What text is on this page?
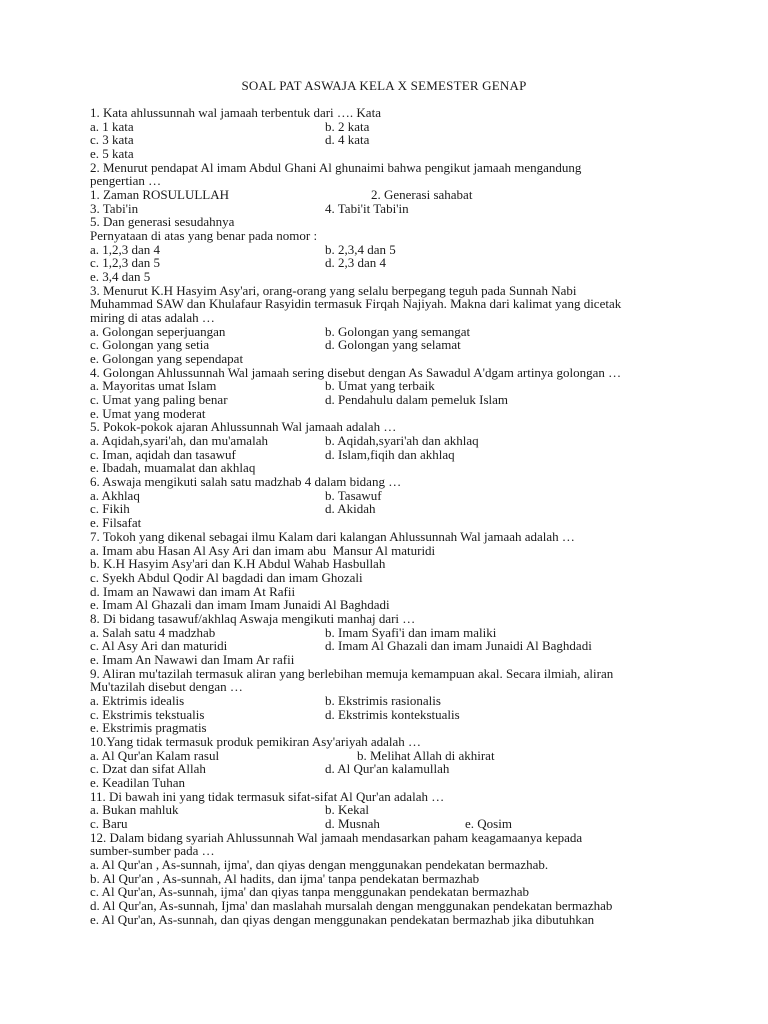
SOAL PAT ASWAJA KELA X SEMESTER GENAP
1. Kata ahlussunnah wal jamaah terbentuk dari …. Kata
a. 1 kata	b. 2 kata
c. 3 kata	d. 4 kata
e. 5 kata
2. Menurut pendapat Al imam Abdul Ghani Al ghunaimi bahwa pengikut jamaah mengandung
pengertian …
1. Zaman ROSULULLAH	2. Generasi sahabat
3. Tabi'in	4. Tabi'it Tabi'in
5. Dan generasi sesudahnya
Pernyataan di atas yang benar pada nomor :
a. 1,2,3 dan 4	b. 2,3,4 dan 5
c. 1,2,3 dan 5	d. 2,3 dan 4
e. 3,4 dan 5
3. Menurut K.H Hasyim Asy'ari, orang-orang yang selalu berpegang teguh pada Sunnah Nabi
Muhammad SAW dan Khulafaur Rasyidin termasuk Firqah Najiyah. Makna dari kalimat yang dicetak
miring di atas adalah …
a. Golongan seperjuangan	b. Golongan yang semangat
c. Golongan yang setia	d. Golongan yang selamat
e. Golongan yang sependapat
4. Golongan Ahlussunnah Wal jamaah sering disebut dengan As Sawadul A'dgam artinya golongan …
a. Mayoritas umat Islam	b. Umat yang terbaik
c. Umat yang paling benar	d. Pendahulu dalam pemeluk Islam
e. Umat yang moderat
5. Pokok-pokok ajaran Ahlussunnah Wal jamaah adalah …
a. Aqidah,syari'ah, dan mu'amalah	b. Aqidah,syari'ah dan akhlaq
c. Iman, aqidah dan tasawuf	d. Islam,fiqih dan akhlaq
e. Ibadah, muamalat dan akhlaq
6. Aswaja mengikuti salah satu madzhab 4 dalam bidang …
a. Akhlaq	b. Tasawuf
c. Fikih	d. Akidah
e. Filsafat
7. Tokoh yang dikenal sebagai ilmu Kalam dari kalangan Ahlussunnah Wal jamaah adalah …
a. Imam abu Hasan Al Asy Ari dan imam abu  Mansur Al maturidi
b. K.H Hasyim Asy'ari dan K.H Abdul Wahab Hasbullah
c. Syekh Abdul Qodir Al bagdadi dan imam Ghozali
d. Imam an Nawawi dan imam At Rafii
e. Imam Al Ghazali dan imam Imam Junaidi Al Baghdadi
8. Di bidang tasawuf/akhlaq Aswaja mengikuti manhaj dari …
a. Salah satu 4 madzhab	b. Imam Syafi'i dan imam maliki
c. Al Asy Ari dan maturidi	d. Imam Al Ghazali dan imam Junaidi Al Baghdadi
e. Imam An Nawawi dan Imam Ar rafii
9. Aliran mu'tazilah termasuk aliran yang berlebihan memuja kemampuan akal. Secara ilmiah, aliran
Mu'tazilah disebut dengan …
a. Ektrimis idealis	b. Ekstrimis rasionalis
c. Ekstrimis tekstualis	d. Ekstrimis kontekstualis
e. Ekstrimis pragmatis
10.Yang tidak termasuk produk pemikiran Asy'ariyah adalah …
a. Al Qur'an Kalam rasul	b. Melihat Allah di akhirat
c. Dzat dan sifat Allah	d. Al Qur'an kalamullah
e. Keadilan Tuhan
11. Di bawah ini yang tidak termasuk sifat-sifat Al Qur'an adalah …
a. Bukan mahluk	b. Kekal
c. Baru	d. Musnah	e. Qosim
12. Dalam bidang syariah Ahlussunnah Wal jamaah mendasarkan paham keagamaanya kepada
sumber-sumber pada …
a. Al Qur'an , As-sunnah, ijma', dan qiyas dengan menggunakan pendekatan bermazhab.
b. Al Qur'an , As-sunnah, Al hadits, dan ijma' tanpa pendekatan bermazhab
c. Al Qur'an, As-sunnah, ijma' dan qiyas tanpa menggunakan pendekatan bermazhab
d. Al Qur'an, As-sunnah, Ijma' dan maslahah mursalah dengan menggunakan pendekatan bermazhab
e. Al Qur'an, As-sunnah, dan qiyas dengan menggunakan pendekatan bermazhab jika dibutuhkan
